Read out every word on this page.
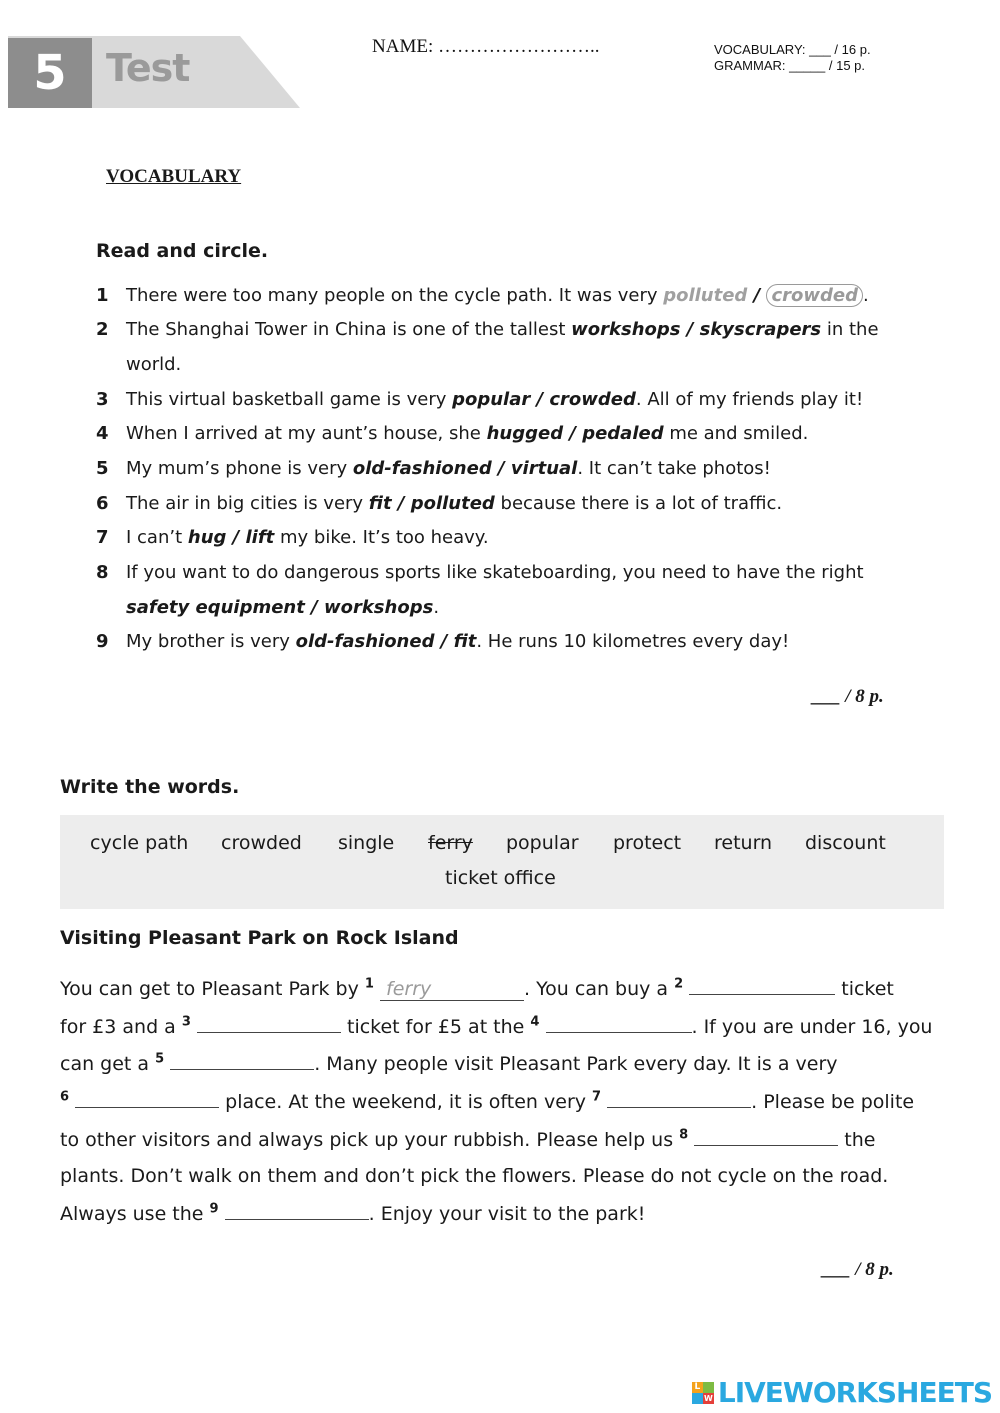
5	Test	NAME: ……………………..	VOCABULARY: ___ / 16 p.
GRAMMAR: _____ / 15 p.
VOCABULARY
Read and circle.
1 There were too many people on the cycle path. It was very polluted / crowded .
2 The Shanghai Tower in China is one of the tallest workshops / skyscrapers in the
world.
3 This virtual basketball game is very popular / crowded. All of my friends play it!
4 When I arrived at my aunt’s house, she hugged / pedaled me and smiled.
5 My mum’s phone is very old-fashioned / virtual. It can’t take photos!
6 The air in big cities is very fit / polluted because there is a lot of traffic.
7 I can’t hug / lift my bike. It’s too heavy.
8 If you want to do dangerous sports like skateboarding, you need to have the right
safety equipment / workshops.
9 My brother is very old-fashioned / fit. He runs 10 kilometres every day!
___ / 8 p.
Write the words.
cycle path crowded single ferry popular protect return discount
ticket office
Visiting Pleasant Park on Rock Island
You can get to Pleasant Park by $^1$ ferry	. You can buy a $^2$	ticket
for £3 and a $^3$	ticket for £5 at the $^4$	. If you are under 16, you
can get a $^5$	. Many people visit Pleasant Park every day. It is a very
$^6$	place. At the weekend, it is often very $^7$	. Please be polite
to other visitors and always pick up your rubbish. Please help us $^8$	the
plants. Don’t walk on them and don’t pick the flowers. Please do not cycle on the road.
Always use the $^9$	. Enjoy your visit to the park!
___ / 8 p.
L
W LIVEWORKSHEETS
